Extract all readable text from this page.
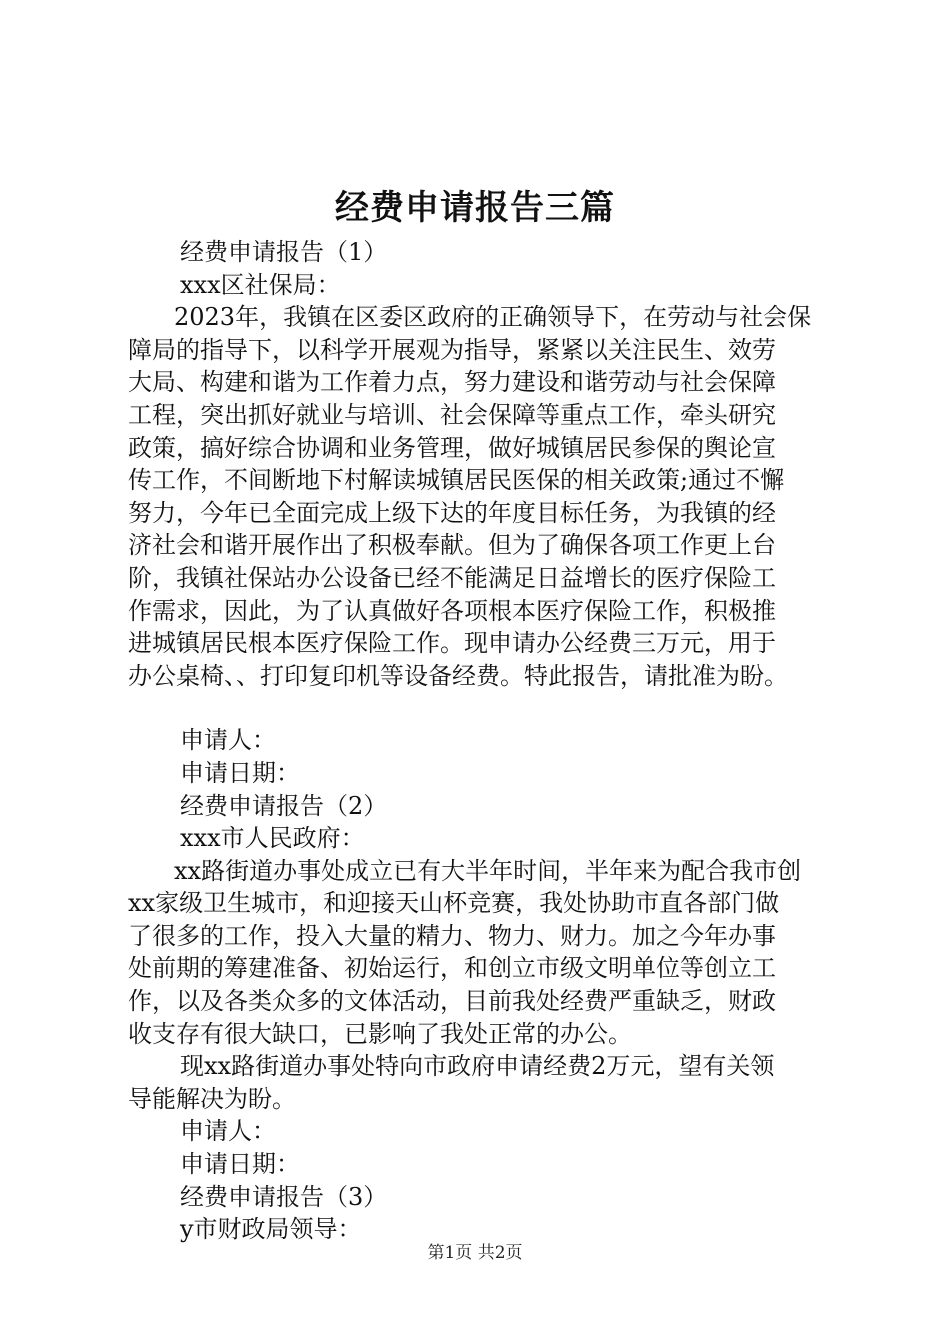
经费申请报告三篇
经费申请报告（1）
xxx区社保局：
2023年，我镇在区委区政府的正确领导下，在劳动与社会保
障局的指导下，以科学开展观为指导，紧紧以关注民生、效劳
大局、构建和谐为工作着力点，努力建设和谐劳动与社会保障
工程，突出抓好就业与培训、社会保障等重点工作，牵头研究
政策，搞好综合协调和业务管理，做好城镇居民参保的舆论宣
传工作，不间断地下村解读城镇居民医保的相关政策;通过不懈
努力，今年已全面完成上级下达的年度目标任务，为我镇的经
济社会和谐开展作出了积极奉献。但为了确保各项工作更上台
阶，我镇社保站办公设备已经不能满足日益增长的医疗保险工
作需求，因此，为了认真做好各项根本医疗保险工作，积极推
进城镇居民根本医疗保险工作。现申请办公经费三万元，用于
办公桌椅、、打印复印机等设备经费。特此报告，请批准为盼。
申请人：
申请日期：
经费申请报告（2）
xxx市人民政府：
xx路街道办事处成立已有大半年时间，半年来为配合我市创
xx家级卫生城市，和迎接天山杯竞赛，我处协助市直各部门做
了很多的工作，投入大量的精力、物力、财力。加之今年办事
处前期的筹建准备、初始运行，和创立市级文明单位等创立工
作，以及各类众多的文体活动，目前我处经费严重缺乏，财政
收支存有很大缺口，已影响了我处正常的办公。
现xx路街道办事处特向市政府申请经费2万元，望有关领
导能解决为盼。
申请人：
申请日期：
经费申请报告（3）
y市财政局领导：
第1页 共2页
